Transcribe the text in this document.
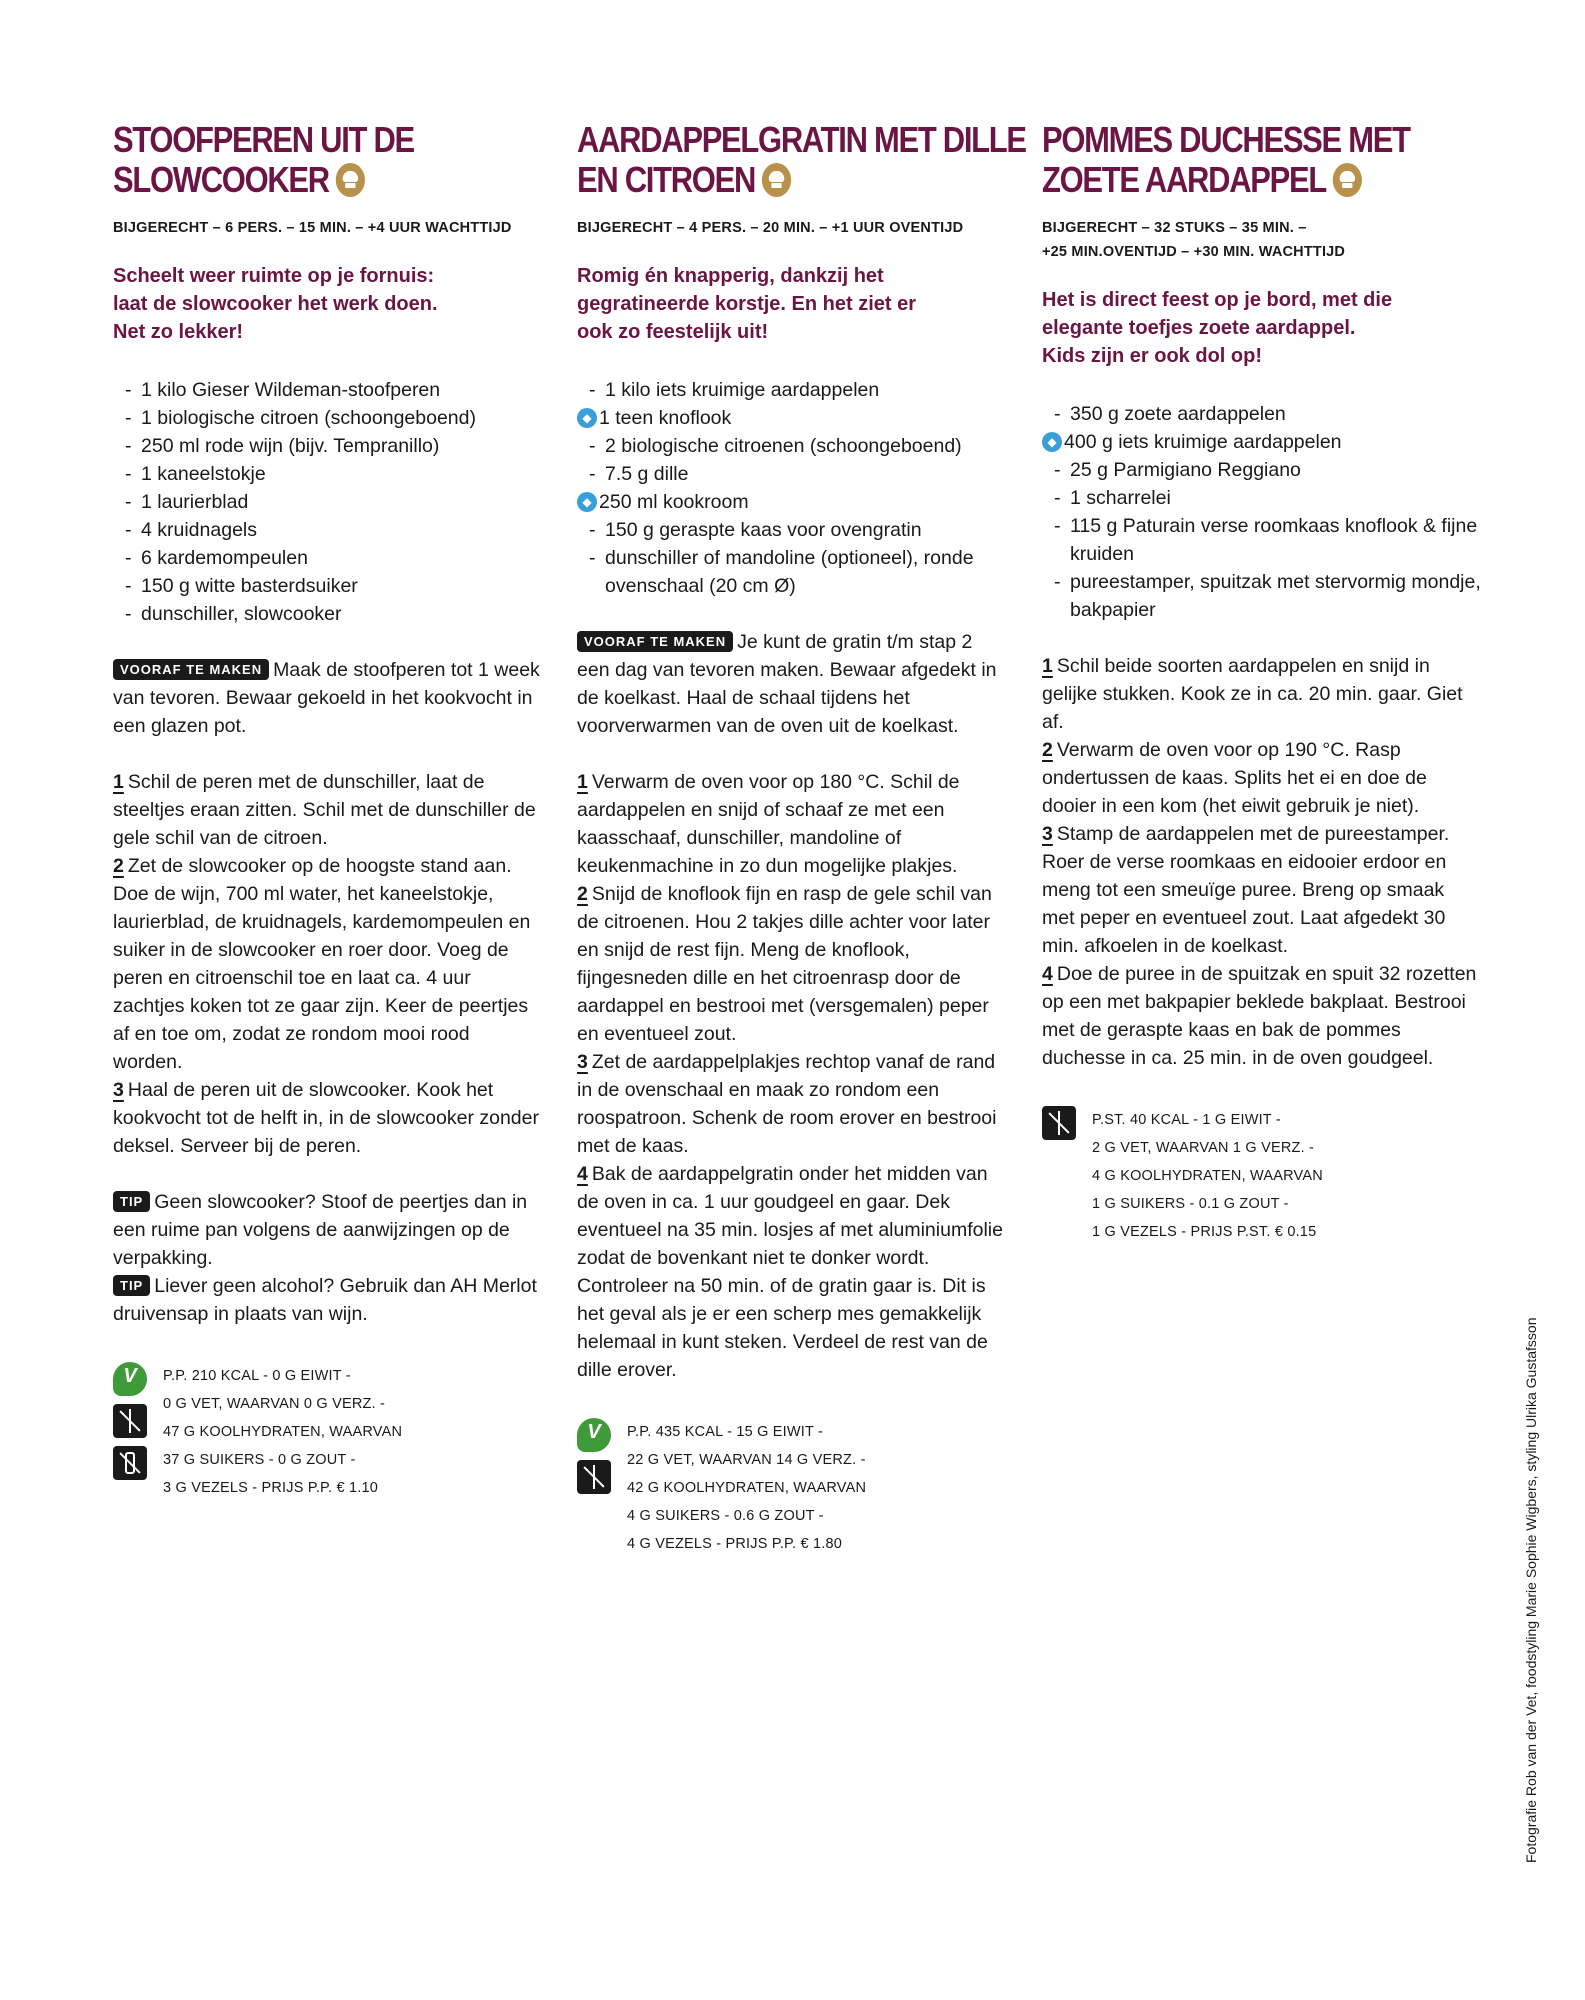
STOOFPEREN UIT DE
SLOWCOOKER
BIJGERECHT – 6 PERS. – 15 MIN. – +4 UUR WACHTTIJD
Scheelt weer ruimte op je fornuis:
laat de slowcooker het werk doen.
Net zo lekker!
- 1 kilo Gieser Wildeman-stoofperen
- 1 biologische citroen (schoongeboend)
- 250 ml rode wijn (bijv. Tempranillo)
- 1 kaneelstokje
- 1 laurierblad
- 4 kruidnagels
- 6 kardemompeulen
- 150 g witte basterdsuiker
- dunschiller, slowcooker
VOORAF TE MAKEN Maak de stoofperen tot 1 week van tevoren. Bewaar gekoeld in het kookvocht in een glazen pot.
1 Schil de peren met de dunschiller, laat de steeltjes eraan zitten. Schil met de dunschiller de gele schil van de citroen.
2 Zet de slowcooker op de hoogste stand aan. Doe de wijn, 700 ml water, het kaneelstokje, laurierblad, de kruidnagels, kardemompeulen en suiker in de slowcooker en roer door. Voeg de peren en citroenschil toe en laat ca. 4 uur zachtjes koken tot ze gaar zijn. Keer de peertjes af en toe om, zodat ze rondom mooi rood worden.
3 Haal de peren uit de slowcooker. Kook het kookvocht tot de helft in, in de slowcooker zonder deksel. Serveer bij de peren.
TIP Geen slowcooker? Stoof de peertjes dan in een ruime pan volgens de aanwijzingen op de verpakking.
TIP Liever geen alcohol? Gebruik dan AH Merlot druivensap in plaats van wijn.
V	P.P. 210 KCAL - 0 G EIWIT -
0 G VET, WAARVAN 0 G VERZ. -
47 G KOOLHYDRATEN, WAARVAN
37 G SUIKERS - 0 G ZOUT -
3 G VEZELS - PRIJS P.P. € 1.10
AARDAPPELGRATIN MET DILLE
EN CITROEN
BIJGERECHT – 4 PERS. – 20 MIN. – +1 UUR OVENTIJD
Romig én knapperig, dankzij het
gegratineerde korstje. En het ziet er
ook zo feestelijk uit!
- 1 kilo iets kruimige aardappelen
◆ 1 teen knoflook
- 2 biologische citroenen (schoongeboend)
- 7.5 g dille
◆ 250 ml kookroom
- 150 g geraspte kaas voor ovengratin
- dunschiller of mandoline (optioneel), ronde ovenschaal (20 cm Ø)
VOORAF TE MAKEN Je kunt de gratin t/m stap 2 een dag van tevoren maken. Bewaar afgedekt in de koelkast. Haal de schaal tijdens het voorverwarmen van de oven uit de koelkast.
1 Verwarm de oven voor op 180 °C. Schil de aardappelen en snijd of schaaf ze met een kaasschaaf, dunschiller, mandoline of keukenmachine in zo dun mogelijke plakjes.
2 Snijd de knoflook fijn en rasp de gele schil van de citroenen. Hou 2 takjes dille achter voor later en snijd de rest fijn. Meng de knoflook, fijngesneden dille en het citroenrasp door de aardappel en bestrooi met (versgemalen) peper en eventueel zout.
3 Zet de aardappelplakjes rechtop vanaf de rand in de ovenschaal en maak zo rondom een roospatroon. Schenk de room erover en bestrooi met de kaas.
4 Bak de aardappelgratin onder het midden van de oven in ca. 1 uur goudgeel en gaar. Dek eventueel na 35 min. losjes af met aluminiumfolie zodat de bovenkant niet te donker wordt. Controleer na 50 min. of de gratin gaar is. Dit is het geval als je er een scherp mes gemakkelijk helemaal in kunt steken. Verdeel de rest van de dille erover.
V	P.P. 435 KCAL - 15 G EIWIT -
22 G VET, WAARVAN 14 G VERZ. -
42 G KOOLHYDRATEN, WAARVAN
4 G SUIKERS - 0.6 G ZOUT -
4 G VEZELS - PRIJS P.P. € 1.80
POMMES DUCHESSE MET
ZOETE AARDAPPEL
BIJGERECHT – 32 STUKS – 35 MIN. –
+25 MIN.OVENTIJD – +30 MIN. WACHTTIJD
Het is direct feest op je bord, met die
elegante toefjes zoete aardappel.
Kids zijn er ook dol op!
- 350 g zoete aardappelen
◆ 400 g iets kruimige aardappelen
- 25 g Parmigiano Reggiano
- 1 scharrelei
- 115 g Paturain verse roomkaas knoflook & fijne kruiden
- pureestamper, spuitzak met stervormig mondje, bakpapier
1 Schil beide soorten aardappelen en snijd in gelijke stukken. Kook ze in ca. 20 min. gaar. Giet af.
2 Verwarm de oven voor op 190 °C. Rasp ondertussen de kaas. Splits het ei en doe de dooier in een kom (het eiwit gebruik je niet).
3 Stamp de aardappelen met de pureestamper. Roer de verse roomkaas en eidooier erdoor en meng tot een smeuïge puree. Breng op smaak met peper en eventueel zout. Laat afgedekt 30 min. afkoelen in de koelkast.
4 Doe de puree in de spuitzak en spuit 32 rozetten op een met bakpapier beklede bakplaat. Bestrooi met de geraspte kaas en bak de pommes duchesse in ca. 25 min. in de oven goudgeel.
P.ST. 40 KCAL - 1 G EIWIT -
2 G VET, WAARVAN 1 G VERZ. -
4 G KOOLHYDRATEN, WAARVAN
1 G SUIKERS - 0.1 G ZOUT -
1 G VEZELS - PRIJS P.ST. € 0.15
Fotografie Rob van der Vet, foodstyling Marie Sophie Wigbers, styling Ulrika Gustafsson
